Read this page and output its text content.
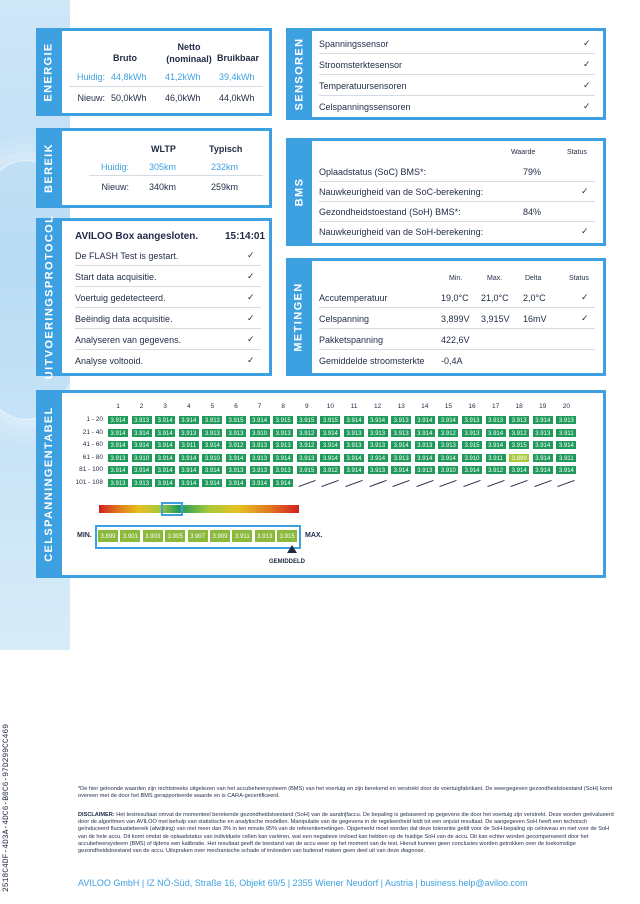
ENERGIE	Bruto
Netto
(nominaal) Bruikbaar
Huidig: 44,8kWh 41,2kWh 39,4kWh
Nieuw: 50,0kWh 46,0kWh 44,0kWh
BEREIK	WLTP	Typisch
Huidig: 305km	232km
Nieuw: 340km	259km
UITVOERINGSPROTOCOL AVILOO Box aangesloten.	15:14:01
De FLASH Test is gestart.	✓
Start data acquisitie.	✓
Voertuig gedetecteerd.	✓
Beëindig data acquisitie.	✓
Analyseren van gegevens.	✓
Analyse voltooid.	✓
SENSOREN Spanningssensor	✓
Stroomsterktesensor	✓
Temperatuursensoren	✓
Celspanningssensoren	✓
BMS
Waarde	Status
Oplaadstatus (SoC) BMS*:	79%
Nauwkeurigheid van de SoC-berekening:	✓
Gezondheidstoestand (SoH) BMS*:	84%
Nauwkeurigheid van de SoH-berekening:	✓
METINGEN
Min.	Max.	Delta	Status
Accutemperatuur	19,0°C 21,0°C 2,0°C	✓
Celspanning	3,899V 3,915V 16mV	✓
Pakketspanning	422,6V
Gemiddelde stroomsterkte -0,4A
CELSPANNINGENTABEL	1	2	3	4	5	6	7	8	9	10	11	12	13	14	15	16	17	18	19	20
1 - 20	3.914	3.913	3.914	3.914	3.913	3.915	3.914	3.915	3.915	3.915	3.914	3.914	3.913	3.914	3.914	3.913	3.913	3.913	3.914	3.913
21 - 40	3.914	3.914	3.914	3.913	3.913	3.913	3.910	3.913	3.912	3.914	3.913	3.913	3.913	3.914	3.912	3.913	3.914	3.912	3.913	3.911
41 - 60	3.914	3.914	3.914	3.911	3.914	3.912	3.913	3.913	3.912	3.914	3.913	3.913	3.914	3.913	3.913	3.915	3.914	3.915	3.914	3.914
61 - 80	3.913	3.910	3.914	3.914	3.910	3.914	3.913	3.914	3.913	3.914	3.914	3.914	3.913	3.914	3.914	3.910	3.911	3.899	3.914	3.911
81 - 100	3.914	3.914	3.914	3.914	3.914	3.913	3.913	3.913	3.915	3.912	3.914	3.913	3.914	3.913	3.910	3.914	3.912	3.914	3.914	3.914
101 - 108	3.913	3.913	3.914	3.914	3.914	3.914	3.914	3.914
MIN.	MAX.
3.899	3.901	3.903	3.905	3.907	3.909	3.911	3.913	3.915
GEMIDDELD
2518C4DF-4D3A-4DC6-B0C6-97D299CC469	*De hier getoonde waarden zijn rechtstreeks uitgelezen van het accubeheersysteem (BMS) van het voertuig en zijn berekend en verstrekt door de voertuigfabrikant. De weergegeven gezondheidstoestand (SoH) komt overeen met de door het BMS gerapporteerde waarde en is CARA-gecertificeerd.
DISCLAIMER: Het testresultaat omvat de momenteel berekende gezondheidstoestand (SoH) van de aandrijfaccu. De bepaling is gebaseerd op gegevens die door het voertuig zijn verstrekt. Deze worden geëvalueerd door de algoritmen van AVILOO met behulp van statistische en analytische modellen. Manipulatie van de gegevens in de regeleenheid leidt tot een onjuist resultaat. De aangegeven SoH heeft een technisch geïnduceerd fluctuatiebereik (afwijking) van niet meer dan 3% in ten minste 95% van de referentiemetingen. Opgemerkt moet worden dat deze tolerantie geldt voor de SoH-bepaling op celniveau en niet voor de SoH van de hele accu. Dit komt omdat de oplaadstatus van individuele cellen kan variëren, wat een negatieve invloed kan hebben op de huidige SoH van de accu. Dit kan echter worden gecompenseerd door het accubeheersysteem (BMS) of tijdens een kalibratie. Het resultaat geeft de toestand van de accu weer op het moment van de test. Hieruit kunnen geen conclusies worden getrokken over de toekomstige gezondheidstoestand van de accu. Uitspraken over mechanische schade of invloeden van buitenaf maken geen deel uit van deze diagnose.
AVILOO GmbH | IZ NÖ-Süd, Straße 16, Objekt 69/5 | 2355 Wiener Neudorf | Austria | business.help@aviloo.com
